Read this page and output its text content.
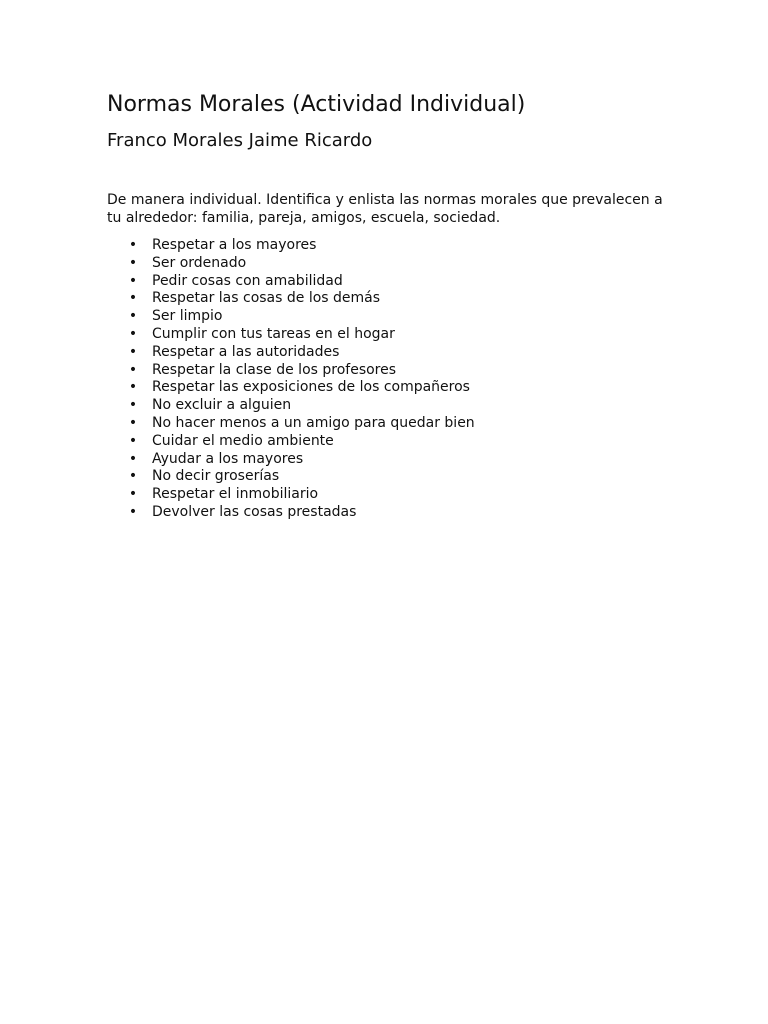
Normas Morales (Actividad Individual)
Franco Morales Jaime Ricardo

De manera individual. Identifica y enlista las normas morales que prevalecen a tu alrededor: familia, pareja, amigos, escuela, sociedad.

• Respetar a los mayores
• Ser ordenado
• Pedir cosas con amabilidad
• Respetar las cosas de los demás
• Ser limpio
• Cumplir con tus tareas en el hogar
• Respetar a las autoridades
• Respetar la clase de los profesores
• Respetar las exposiciones de los compañeros
• No excluir a alguien
• No hacer menos a un amigo para quedar bien
• Cuidar el medio ambiente
• Ayudar a los mayores
• No decir groserías
• Respetar el inmobiliario
• Devolver las cosas prestadas
